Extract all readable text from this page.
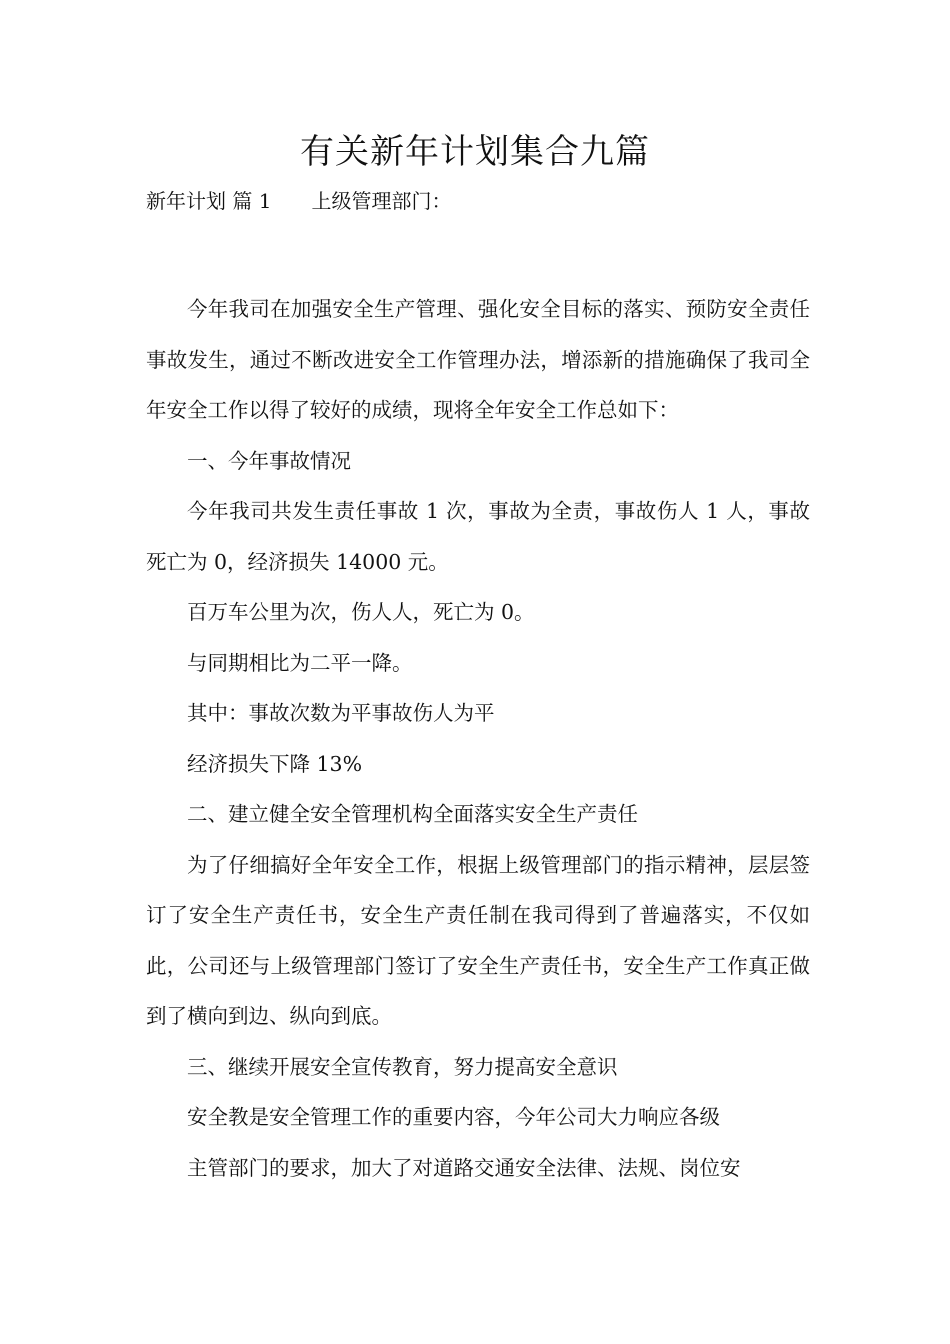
有关新年计划集合九篇
新年计划 篇 1 上级管理部门：

今年我司在加强安全生产管理、强化安全目标的落实、预防安全责任事故发生，通过不断改进安全工作管理办法，增添新的措施确保了我司全年安全工作以得了较好的成绩，现将全年安全工作总如下：

一、今年事故情况

今年我司共发生责任事故 1 次，事故为全责，事故伤人 1 人，事故死亡为 0，经济损失 14000 元。

百万车公里为次，伤人人，死亡为 0。

与同期相比为二平一降。

其中：事故次数为平事故伤人为平

经济损失下降 13%

二、建立健全安全管理机构全面落实安全生产责任

为了仔细搞好全年安全工作，根据上级管理部门的指示精神，层层签订了安全生产责任书，安全生产责任制在我司得到了普遍落实，不仅如此，公司还与上级管理部门签订了安全生产责任书，安全生产工作真正做到了横向到边、纵向到底。

三、继续开展安全宣传教育，努力提高安全意识

安全教是安全管理工作的重要内容，今年公司大力响应各级

主管部门的要求，加大了对道路交通安全法律、法规、岗位安
